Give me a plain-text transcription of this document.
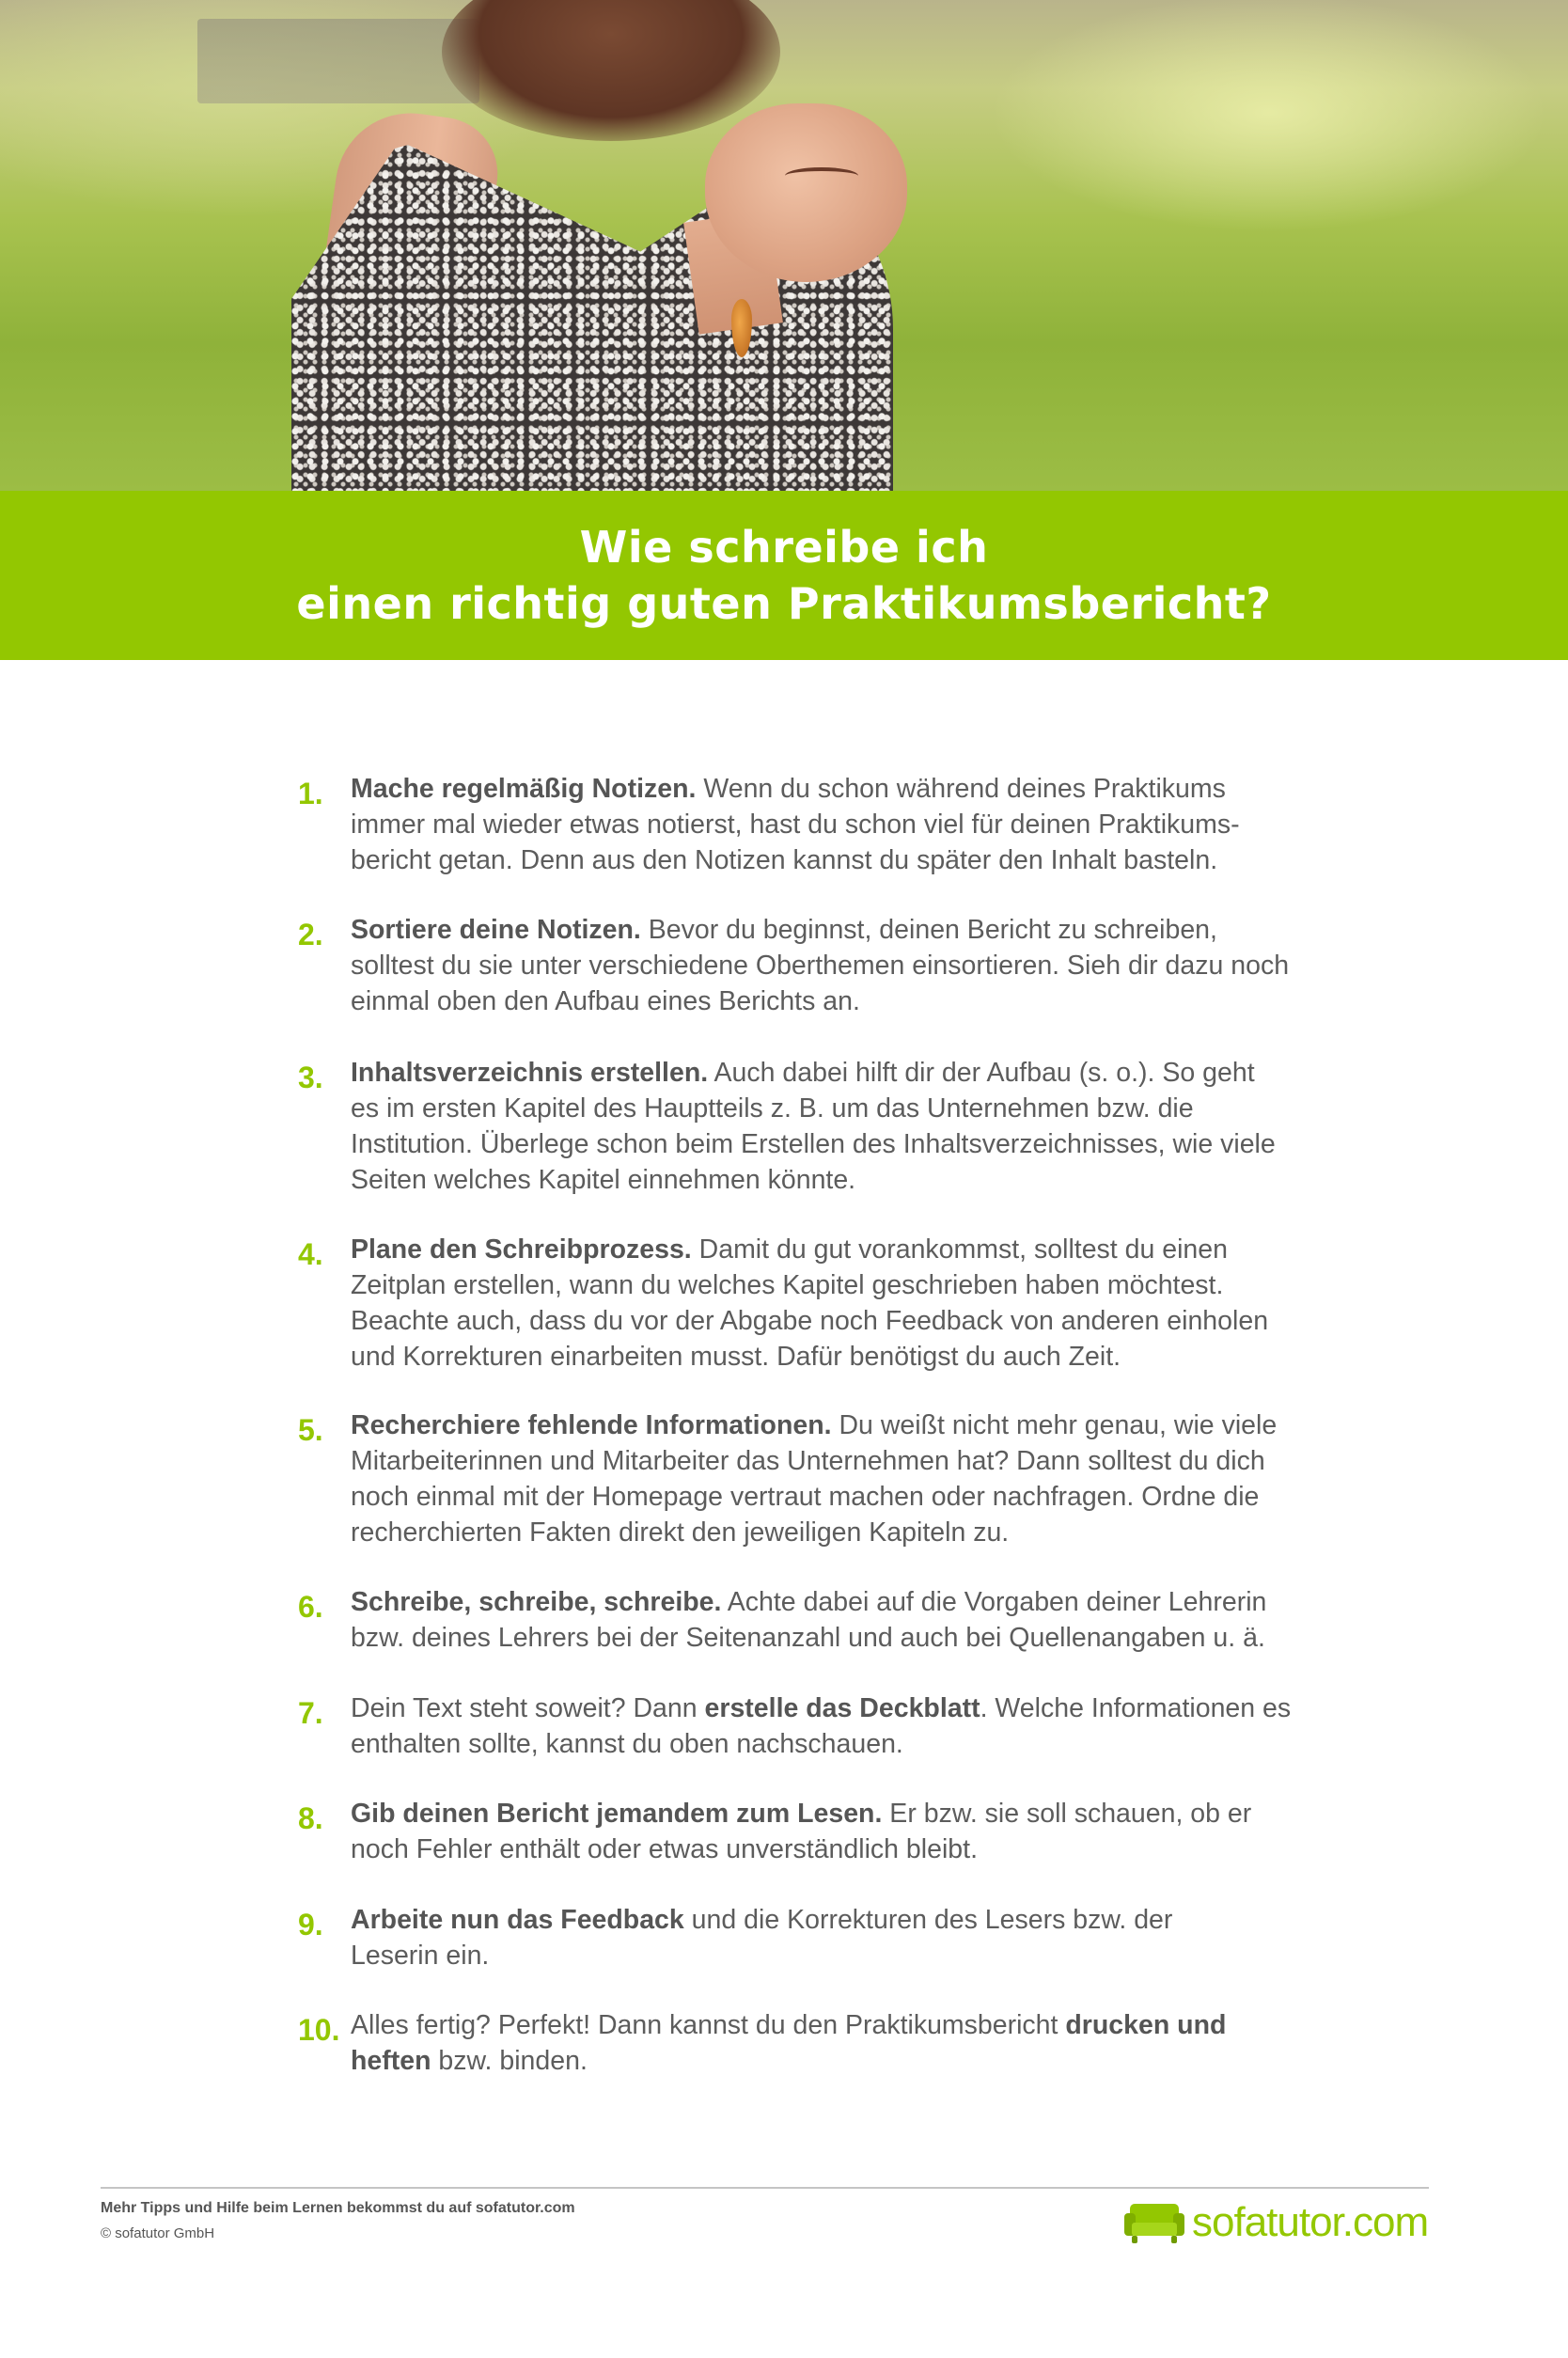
Wie schreibe ich
einen richtig guten Praktikumsbericht?
1.	Mache regelmäßig Notizen. Wenn du schon während deines Praktikums
immer mal wieder etwas notierst, hast du schon viel für deinen Praktikums-
bericht getan. Denn aus den Notizen kannst du später den Inhalt basteln.
2.	Sortiere deine Notizen. Bevor du beginnst, deinen Bericht zu schreiben,
solltest du sie unter verschiedene Oberthemen einsortieren. Sieh dir dazu noch
einmal oben den Aufbau eines Berichts an.
3.	Inhaltsverzeichnis erstellen. Auch dabei hilft dir der Aufbau (s. o.). So geht
es im ersten Kapitel des Hauptteils z. B. um das Unternehmen bzw. die
Institution. Überlege schon beim Erstellen des Inhaltsverzeichnisses, wie viele
Seiten welches Kapitel einnehmen könnte.
4.	Plane den Schreibprozess. Damit du gut vorankommst, solltest du einen
Zeitplan erstellen, wann du welches Kapitel geschrieben haben möchtest.
Beachte auch, dass du vor der Abgabe noch Feedback von anderen einholen
und Korrekturen einarbeiten musst. Dafür benötigst du auch Zeit.
5.	Recherchiere fehlende Informationen. Du weißt nicht mehr genau, wie viele
Mitarbeiterinnen und Mitarbeiter das Unternehmen hat? Dann solltest du dich
noch einmal mit der Homepage vertraut machen oder nachfragen. Ordne die
recherchierten Fakten direkt den jeweiligen Kapiteln zu.
6.	Schreibe, schreibe, schreibe. Achte dabei auf die Vorgaben deiner Lehrerin
bzw. deines Lehrers bei der Seitenanzahl und auch bei Quellenangaben u. ä.
7.	Dein Text steht soweit? Dann erstelle das Deckblatt. Welche Informationen es
enthalten sollte, kannst du oben nachschauen.
8.	Gib deinen Bericht jemandem zum Lesen. Er bzw. sie soll schauen, ob er
noch Fehler enthält oder etwas unverständlich bleibt.
9.	Arbeite nun das Feedback und die Korrekturen des Lesers bzw. der
Leserin ein.
10. Alles fertig? Perfekt! Dann kannst du den Praktikumsbericht drucken und
heften bzw. binden.
Mehr Tipps und Hilfe beim Lernen bekommst du auf sofatutor.com
© sofatutor GmbH	sofatutor.com
